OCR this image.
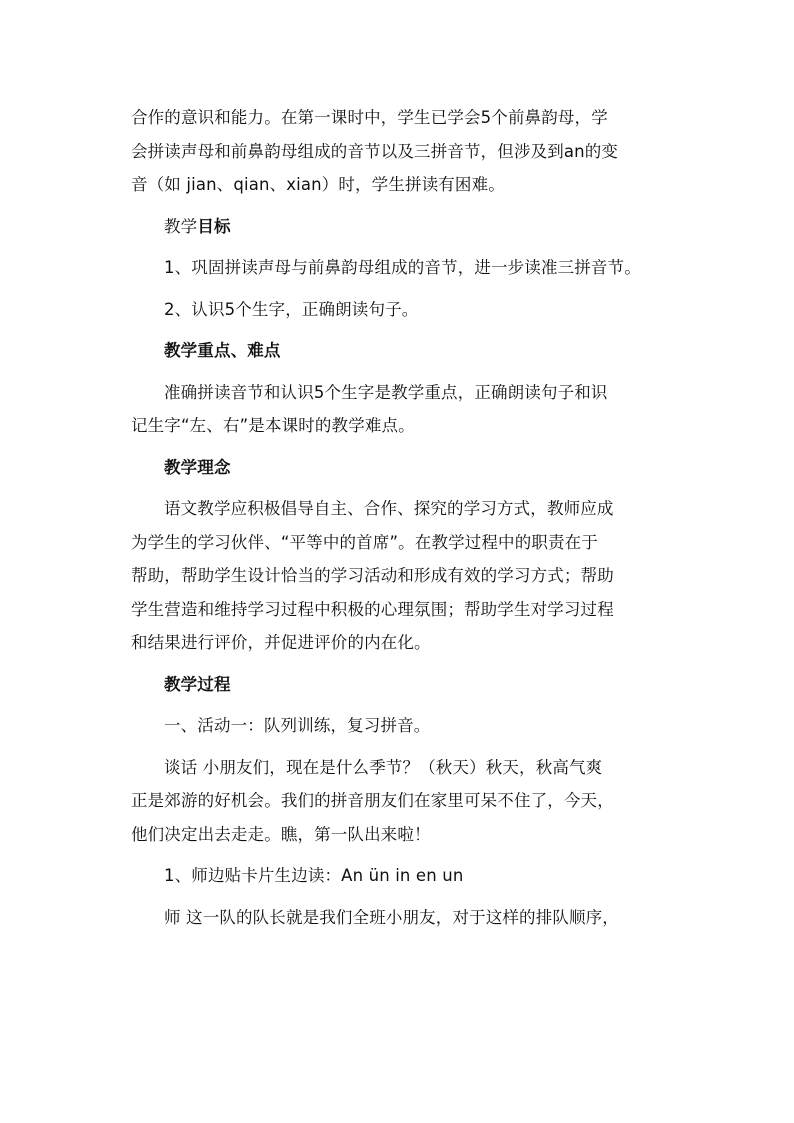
合作的意识和能力。在第一课时中，学生已学会5个前鼻韵母，学
会拼读声母和前鼻韵母组成的音节以及三拼音节，但涉及到an的变
音（如 jian、qian、xian）时，学生拼读有困难。
教学目标
1、巩固拼读声母与前鼻韵母组成的音节，进一步读准三拼音节。
2、认识5个生字，正确朗读句子。
教学重点、难点
准确拼读音节和认识5个生字是教学重点，正确朗读句子和识
记生字“左、右”是本课时的教学难点。
教学理念
语文教学应积极倡导自主、合作、探究的学习方式，教师应成
为学生的学习伙伴、“平等中的首席”。在教学过程中的职责在于
帮助，帮助学生设计恰当的学习活动和形成有效的学习方式；帮助
学生营造和维持学习过程中积极的心理氛围；帮助学生对学习过程
和结果进行评价，并促进评价的内在化。
教学过程
一、活动一：队列训练，复习拼音。
谈话 小朋友们，现在是什么季节？（秋天）秋天，秋高气爽
正是郊游的好机会。我们的拼音朋友们在家里可呆不住了，今天，
他们决定出去走走。瞧，第一队出来啦！
1、师边贴卡片生边读：An ün in en un
师 这一队的队长就是我们全班小朋友，对于这样的排队顺序，
